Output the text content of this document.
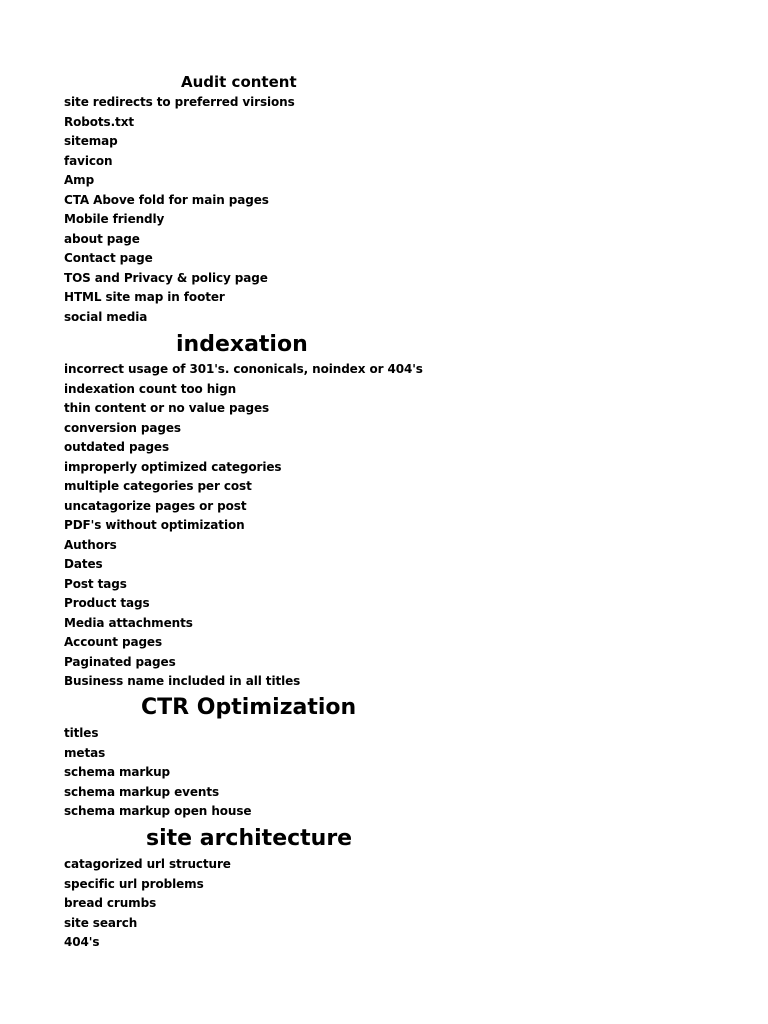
Audit content
site redirects to preferred virsions
Robots.txt
sitemap
favicon
Amp
CTA Above fold for main pages
Mobile friendly
about page
Contact page
TOS and Privacy & policy page
HTML site map in footer
social media
indexation
incorrect usage of 301's. cononicals, noindex or 404's
indexation count too hign
thin content or no value pages
conversion pages
outdated pages
improperly optimized categories
multiple categories per cost
uncatagorize pages or post
PDF's without optimization
Authors
Dates
Post tags
Product tags
Media attachments
Account pages
Paginated pages
Business name included in all titles
CTR Optimization
titles
metas
schema markup
schema markup events
schema markup open house
site architecture
catagorized url structure
specific url problems
bread crumbs
site search
404's
